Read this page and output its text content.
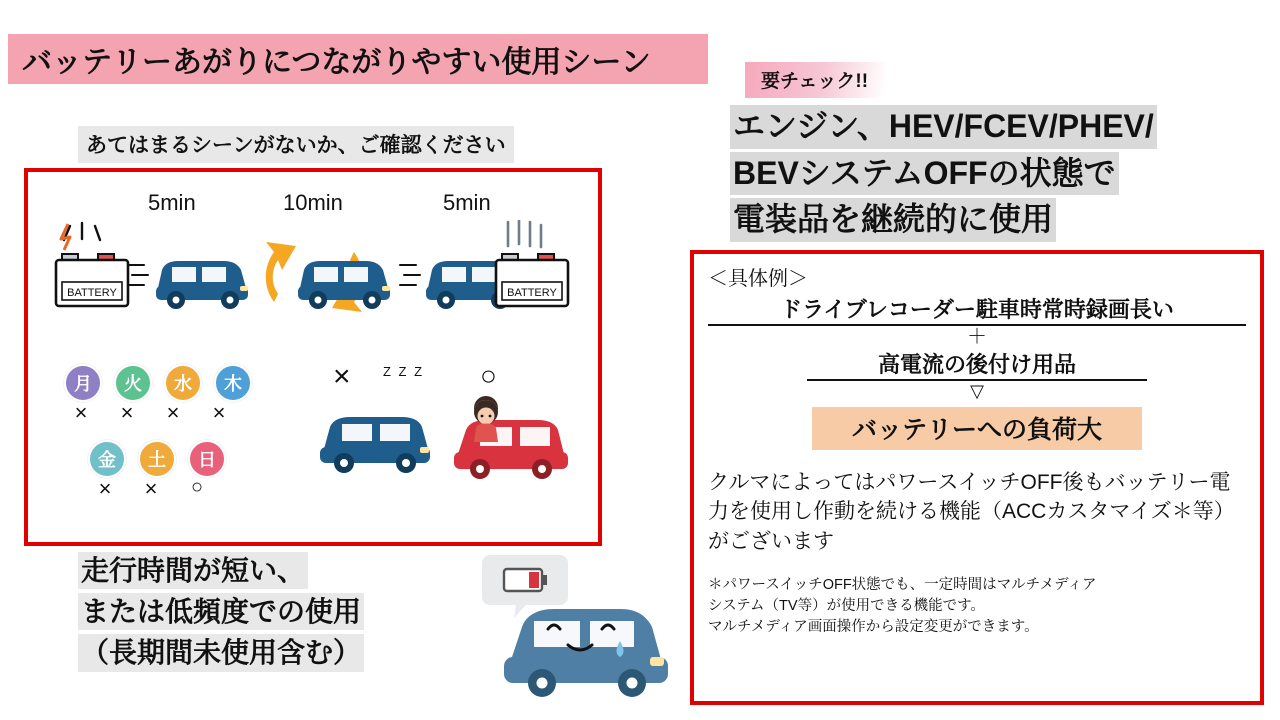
バッテリーあがりにつながりやすい使用シーン
あてはまるシーンがないか、ご確認ください
5min	10min	5min
BATTERY	BATTERY
月	火	水	木
×	×	×	×
金	土	日
×	×	○
× Z Z Z ○
走行時間が短い、
または低頻度での使用
（長期間未使用含む）
要チェック!!
エンジン、HEV/FCEV/PHEV/
BEVシステムOFFの状態で
電装品を継続的に使用
＜具体例＞
ドライブレコーダー駐車時常時録画長い
＋
高電流の後付け用品
▽
バッテリーへの負荷大
クルマによってはパワースイッチOFF後もバッテリー電力を使用し作動を続ける機能（ACCカスタマイズ＊等）がございます
＊パワースイッチOFF状態でも、一定時間はマルチメディア
システム（TV等）が使用できる機能です。
マルチメディア画面操作から設定変更ができます。
